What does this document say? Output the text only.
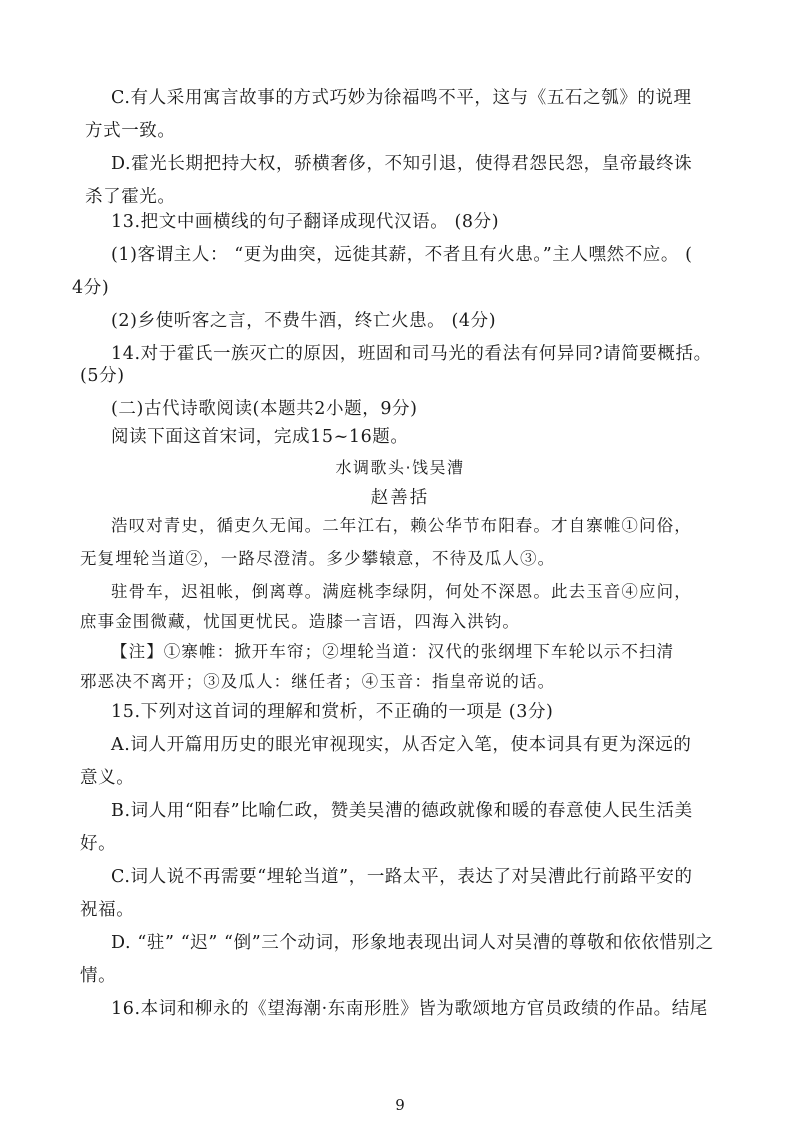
C.有人采用寓言故事的方式巧妙为徐福鸣不平，这与《五石之瓠》的说理
方式一致。
D.霍光长期把持大权，骄横奢侈，不知引退，使得君怨民怨，皇帝最终诛
杀了霍光。
13.把文中画横线的句子翻译成现代汉语。 (8分)
(1)客谓主人： “更为曲突，远徙其薪，不者且有火患。”主人嘿然不应。 (
4分)
(2)乡使听客之言，不费牛酒，终亡火患。 (4分)
14.对于霍氏一族灭亡的原因，班固和司马光的看法有何异同?请简要概括。
(5分)
(二)古代诗歌阅读(本题共2小题，9分)
阅读下面这首宋词，完成15~16题。
水调歌头·饯吴漕
赵善括
浩叹对青史，循吏久无闻。二年江右，赖公华节布阳春。才自寨帷①问俗，
无复埋轮当道②，一路尽澄清。多少攀辕意，不待及瓜人③。
驻骨车，迟祖帐，倒离尊。满庭桃李绿阴，何处不深恩。此去玉音④应问，
庶事金围微藏，忧国更忧民。造膝一言语，四海入洪钧。
【注】①寨帷：掀开车帘；②埋轮当道：汉代的张纲埋下车轮以示不扫清
邪恶决不离开；③及瓜人：继任者；④玉音：指皇帝说的话。
15.下列对这首词的理解和赏析，不正确的一项是 (3分)
A.词人开篇用历史的眼光审视现实，从否定入笔，使本词具有更为深远的
意义。
B.词人用“阳春”比喻仁政，赞美吴漕的德政就像和暖的春意使人民生活美
好。
C.词人说不再需要“埋轮当道”，一路太平，表达了对吴漕此行前路平安的
祝福。
D. “驻” “迟” “倒”三个动词，形象地表现出词人对吴漕的尊敬和依依惜别之
情。
16.本词和柳永的《望海潮·东南形胜》皆为歌颂地方官员政绩的作品。结尾
9
